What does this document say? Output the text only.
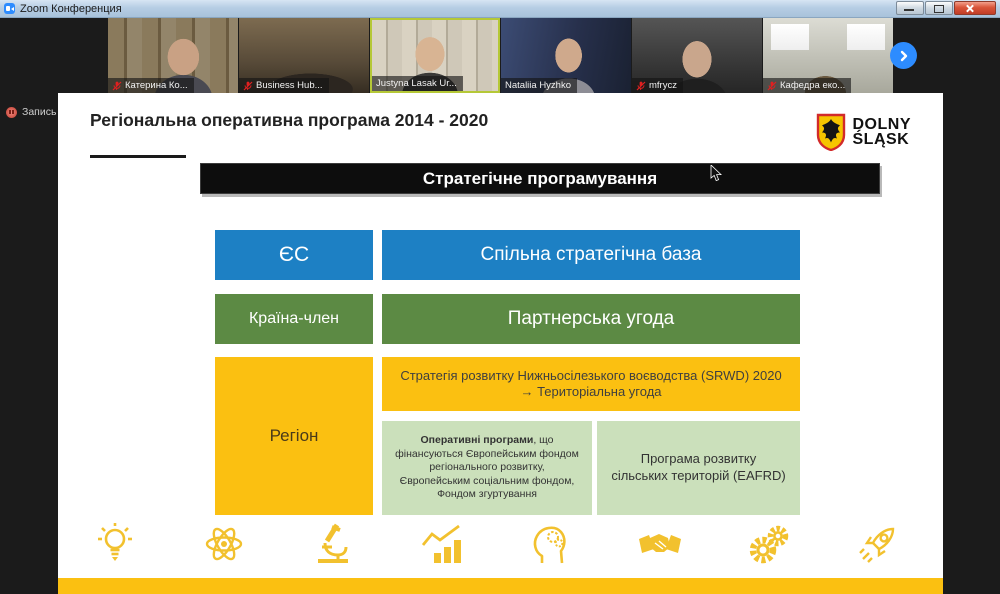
Zoom Конференция
Катерина Ко...	Business Hub...	Justyna Lasak Ur...	Nataliia Hyzhko	mfrycz	Кафедра еко...
Запись Регіональна оперативна програма 2014 - 2020	DOLNY
ŚLĄSK
Стратегічне програмування
ЄС	Спільна стратегічна база
Країна-член	Партнерська угода
Регіон
Стратегія розвитку Нижньосілезького воєводства (SRWD) 2020 → Територіальна угода
Оперативні програми, що фінансуються Європейським фондом регіонального розвитку, Європейським соціальним фондом, Фондом згуртування
Програма розвитку сільських територій (EAFRD)
